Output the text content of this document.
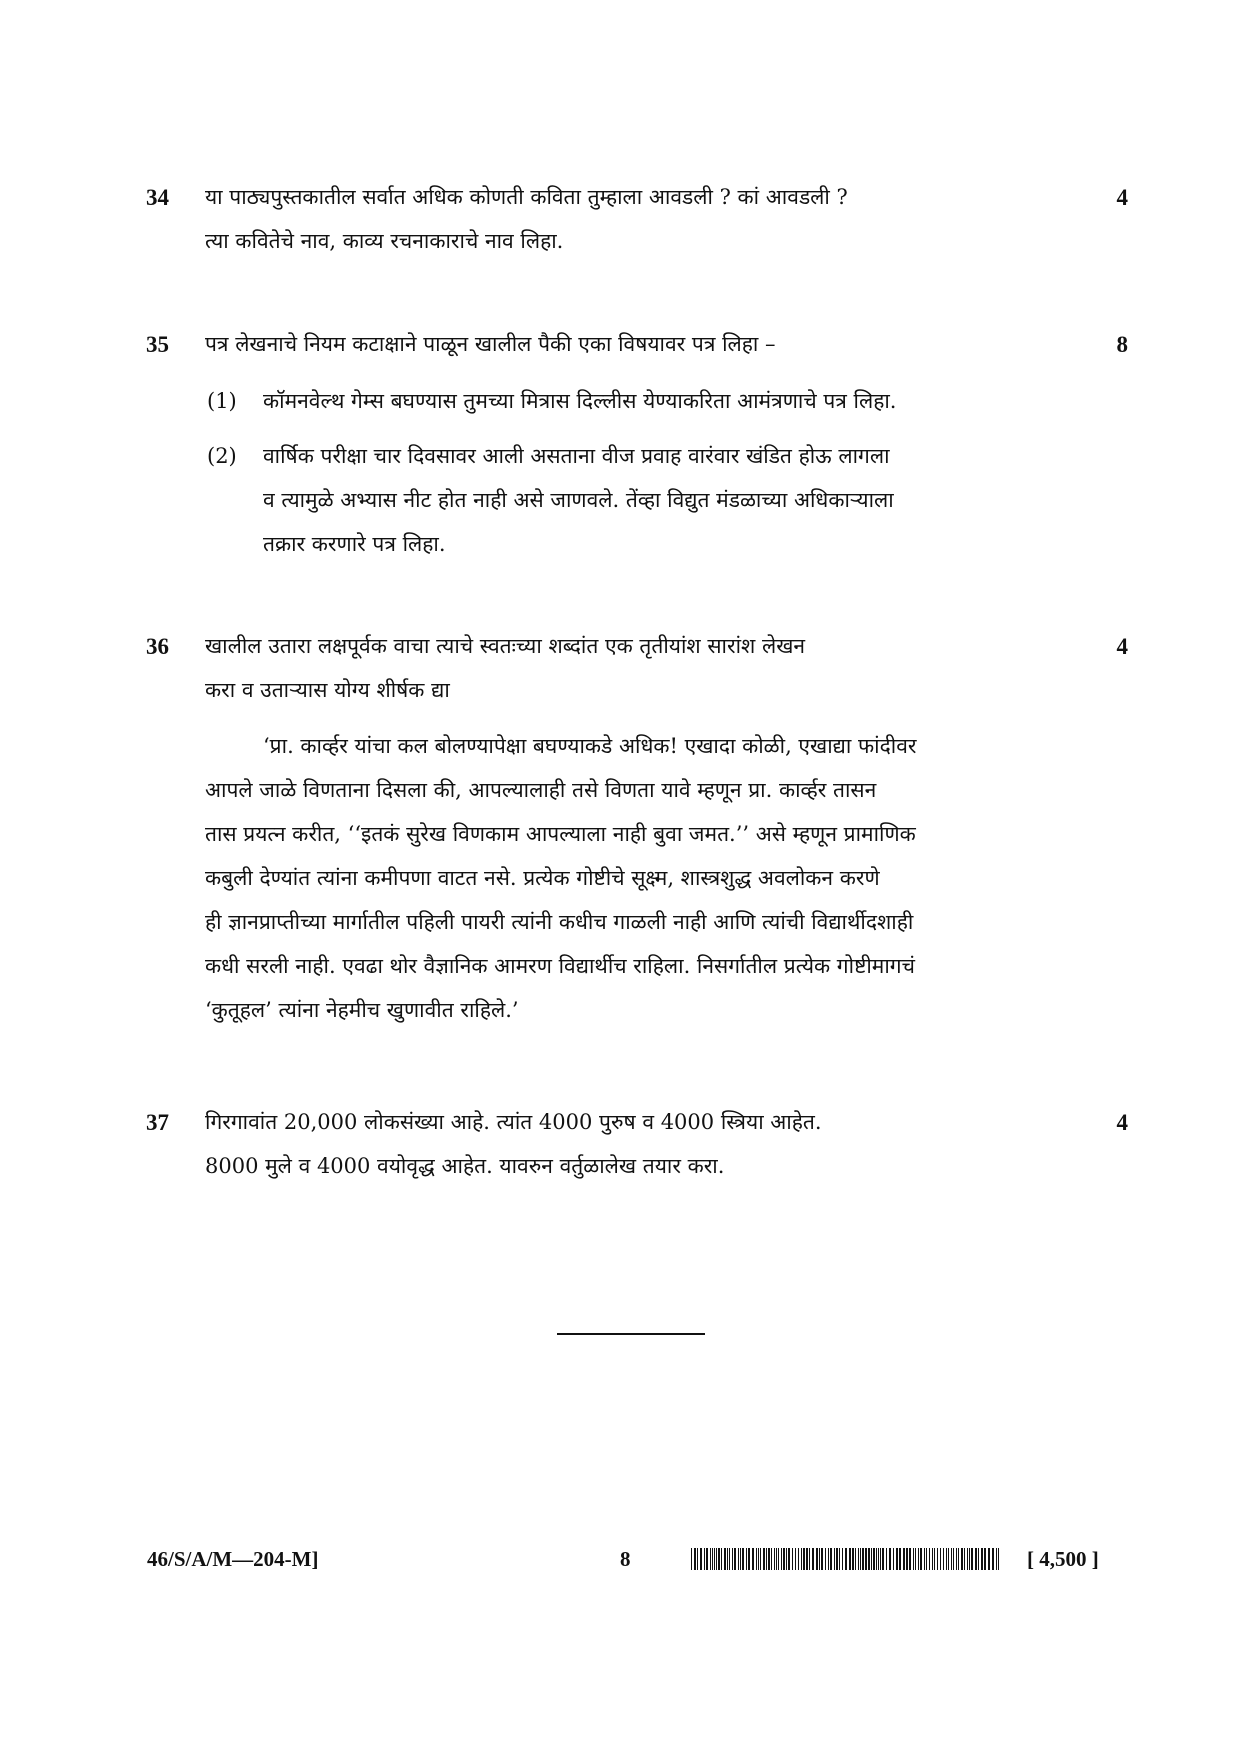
34	4
या पाठ्यपुस्तकातील सर्वात अधिक कोणती कविता तुम्हाला आवडली ? कां आवडली ?
त्या कवितेचे नाव, काव्य रचनाकाराचे नाव लिहा.
35	8
पत्र लेखनाचे नियम कटाक्षाने पाळून खालील पैकी एका विषयावर पत्र लिहा –
(1) कॉमनवेल्थ गेम्स बघण्यास तुमच्या मित्रास दिल्लीस येण्याकरिता आमंत्रणाचे पत्र लिहा.
(2) वार्षिक परीक्षा चार दिवसावर आली असताना वीज प्रवाह वारंवार खंडित होऊ लागला
व त्यामुळे अभ्यास नीट होत नाही असे जाणवले. तेंव्हा विद्युत मंडळाच्या अधिकाऱ्याला
तक्रार करणारे पत्र लिहा.
36	4
खालील उतारा लक्षपूर्वक वाचा त्याचे स्वतःच्या शब्दांत एक तृतीयांश सारांश लेखन
करा व उताऱ्यास योग्य शीर्षक द्या
‘प्रा. कार्व्हर यांचा कल बोलण्यापेक्षा बघण्याकडे अधिक! एखादा कोळी, एखाद्या फांदीवर
आपले जाळे विणताना दिसला की, आपल्यालाही तसे विणता यावे म्हणून प्रा. कार्व्हर तासन
तास प्रयत्न करीत, ‘‘इतकं सुरेख विणकाम आपल्याला नाही बुवा जमत.’’ असे म्हणून प्रामाणिक
कबुली देण्यांत त्यांना कमीपणा वाटत नसे. प्रत्येक गोष्टीचे सूक्ष्म, शास्त्रशुद्ध अवलोकन करणे
ही ज्ञानप्राप्तीच्या मार्गातील पहिली पायरी त्यांनी कधीच गाळली नाही आणि त्यांची विद्यार्थीदशाही
कधी सरली नाही. एवढा थोर वैज्ञानिक आमरण विद्यार्थीच राहिला. निसर्गातील प्रत्येक गोष्टीमागचं
‘कुतूहल’ त्यांना नेहमीच खुणावीत राहिले.’
37	4
गिरगावांत 20,000 लोकसंख्या आहे. त्यांत 4000 पुरुष व 4000 स्त्रिया आहेत.
8000 मुले व 4000 वयोवृद्ध आहेत. यावरुन वर्तुळालेख तयार करा.
46/S/A/M—204-M]	8	[ 4,500 ]
